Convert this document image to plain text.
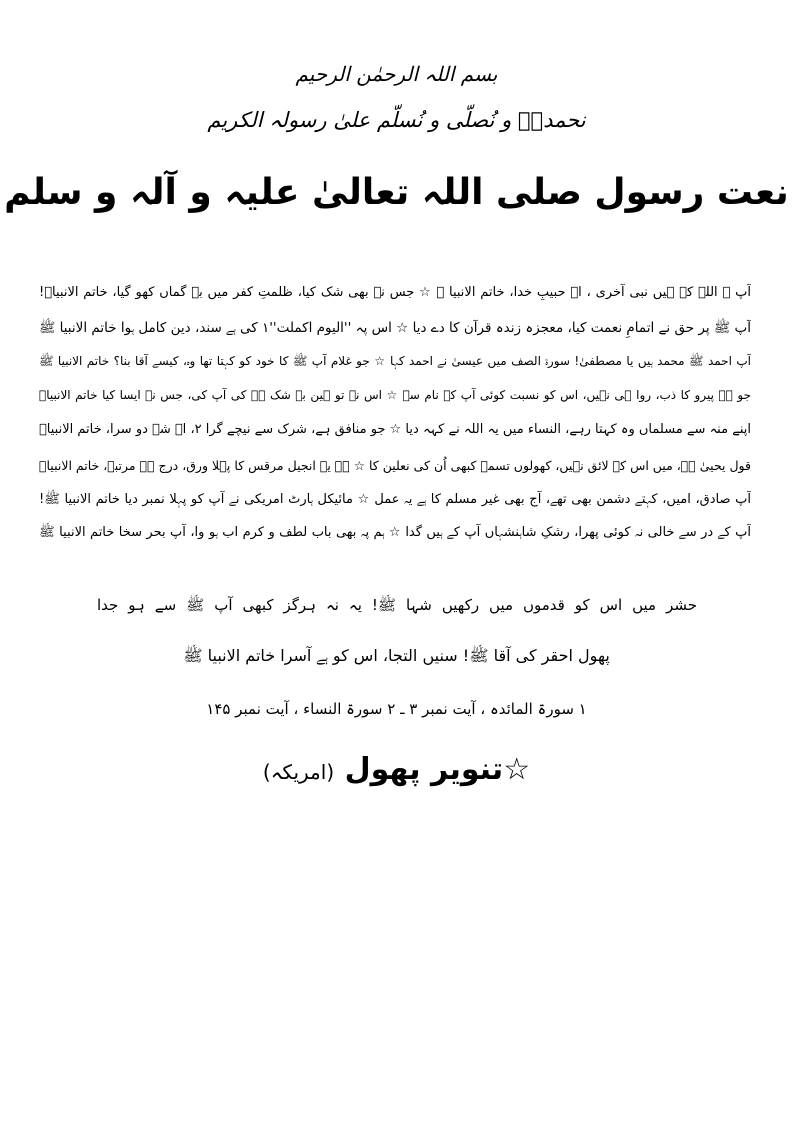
بسم اللہ الرحمٰن الرحیم
نحمدہٗ و نُصلّی و نُسلّم علیٰ رسولہ الکریم
نعت رسول صلی اللہ تعالیٰ علیہ و آلہ و سلم
آپ ﷺ اللہ کے ہیں نبی آخری ، اے حبیبِ خدا، خاتم الانبیا ﷺ ☆ جس نے بھی شک کیا، ظلمتِ کفر میں بے گماں کھو گیا، خاتم الانبیاؐ!
آپ ﷺ پر حق نے اتمامِ نعمت کیا، معجزہ زندہ قرآن کا دے دیا ☆ اس پہ ''الیوم اکملت''۱ کی ہے سند، دین کامل ہوا خاتم الانبیا ﷺ
آپ احمد ﷺ محمد ہیں یا مصطفیٰ! سورۃ الصف میں عیسیٰ نے احمد کہا ☆ جو غلام آپ ﷺ کا خود کو کہتا تھا وہ، کیسے آقا بنا؟ خاتم الانبیا ﷺ
جو ہے پیرو کا ذب، روا ہی نہیں، اس کو نسبت کوئی آپ کے نام سے ☆ اس نے تو ہین بے شک ہے کی آپ کی، جس نے ایسا کیا خاتم الانبیاؐ
اپنے منہ سے مسلماں وہ کہتا رہے، النساء میں یہ اللہ نے کہہ دیا ☆ جو منافق ہے، شرک سے نیچے گرا ۲، اے شہ دو سرا، خاتم الانبیاؐ
قول یحییٰ ہے، میں اس کے لائق نہیں، کھولوں تسمہ کبھی اُن کی نعلین کا ☆ ہے یہ انجیل مرقس کا پہلا ورق، درج ہے مرتبہ، خاتم الانبیاؐ
آپ صادق، امیں، کہتے دشمن بھی تھے، آج بھی غیر مسلم کا ہے یہ عمل ☆ مائیکل ہارٹ امریکی نے آپ کو پہلا نمبر دیا خاتم الانبیا ﷺ!
آپ کے در سے خالی نہ کوئی پھرا، رشکِ شاہنشہاں آپ کے ہیں گدا ☆ ہم پہ بھی باب لطف و کرم اب ہو وا، آپ بحر سخا خاتم الانبیا ﷺ
حشر میں اس کو قدموں میں رکھیں شہا ﷺ! یہ نہ ہرگز کبھی آپ ﷺ سے ہو جدا
پھول احقر کی آقا ﷺ! سنیں التجا، اس کو ہے آسرا خاتم الانبیا ﷺ
۱ سورۃ المائدہ ، آیت نمبر ۳ ـ ۲ سورۃ النساء ، آیت نمبر ۱۴۵
☆تنویر پھول (امریکہ)
